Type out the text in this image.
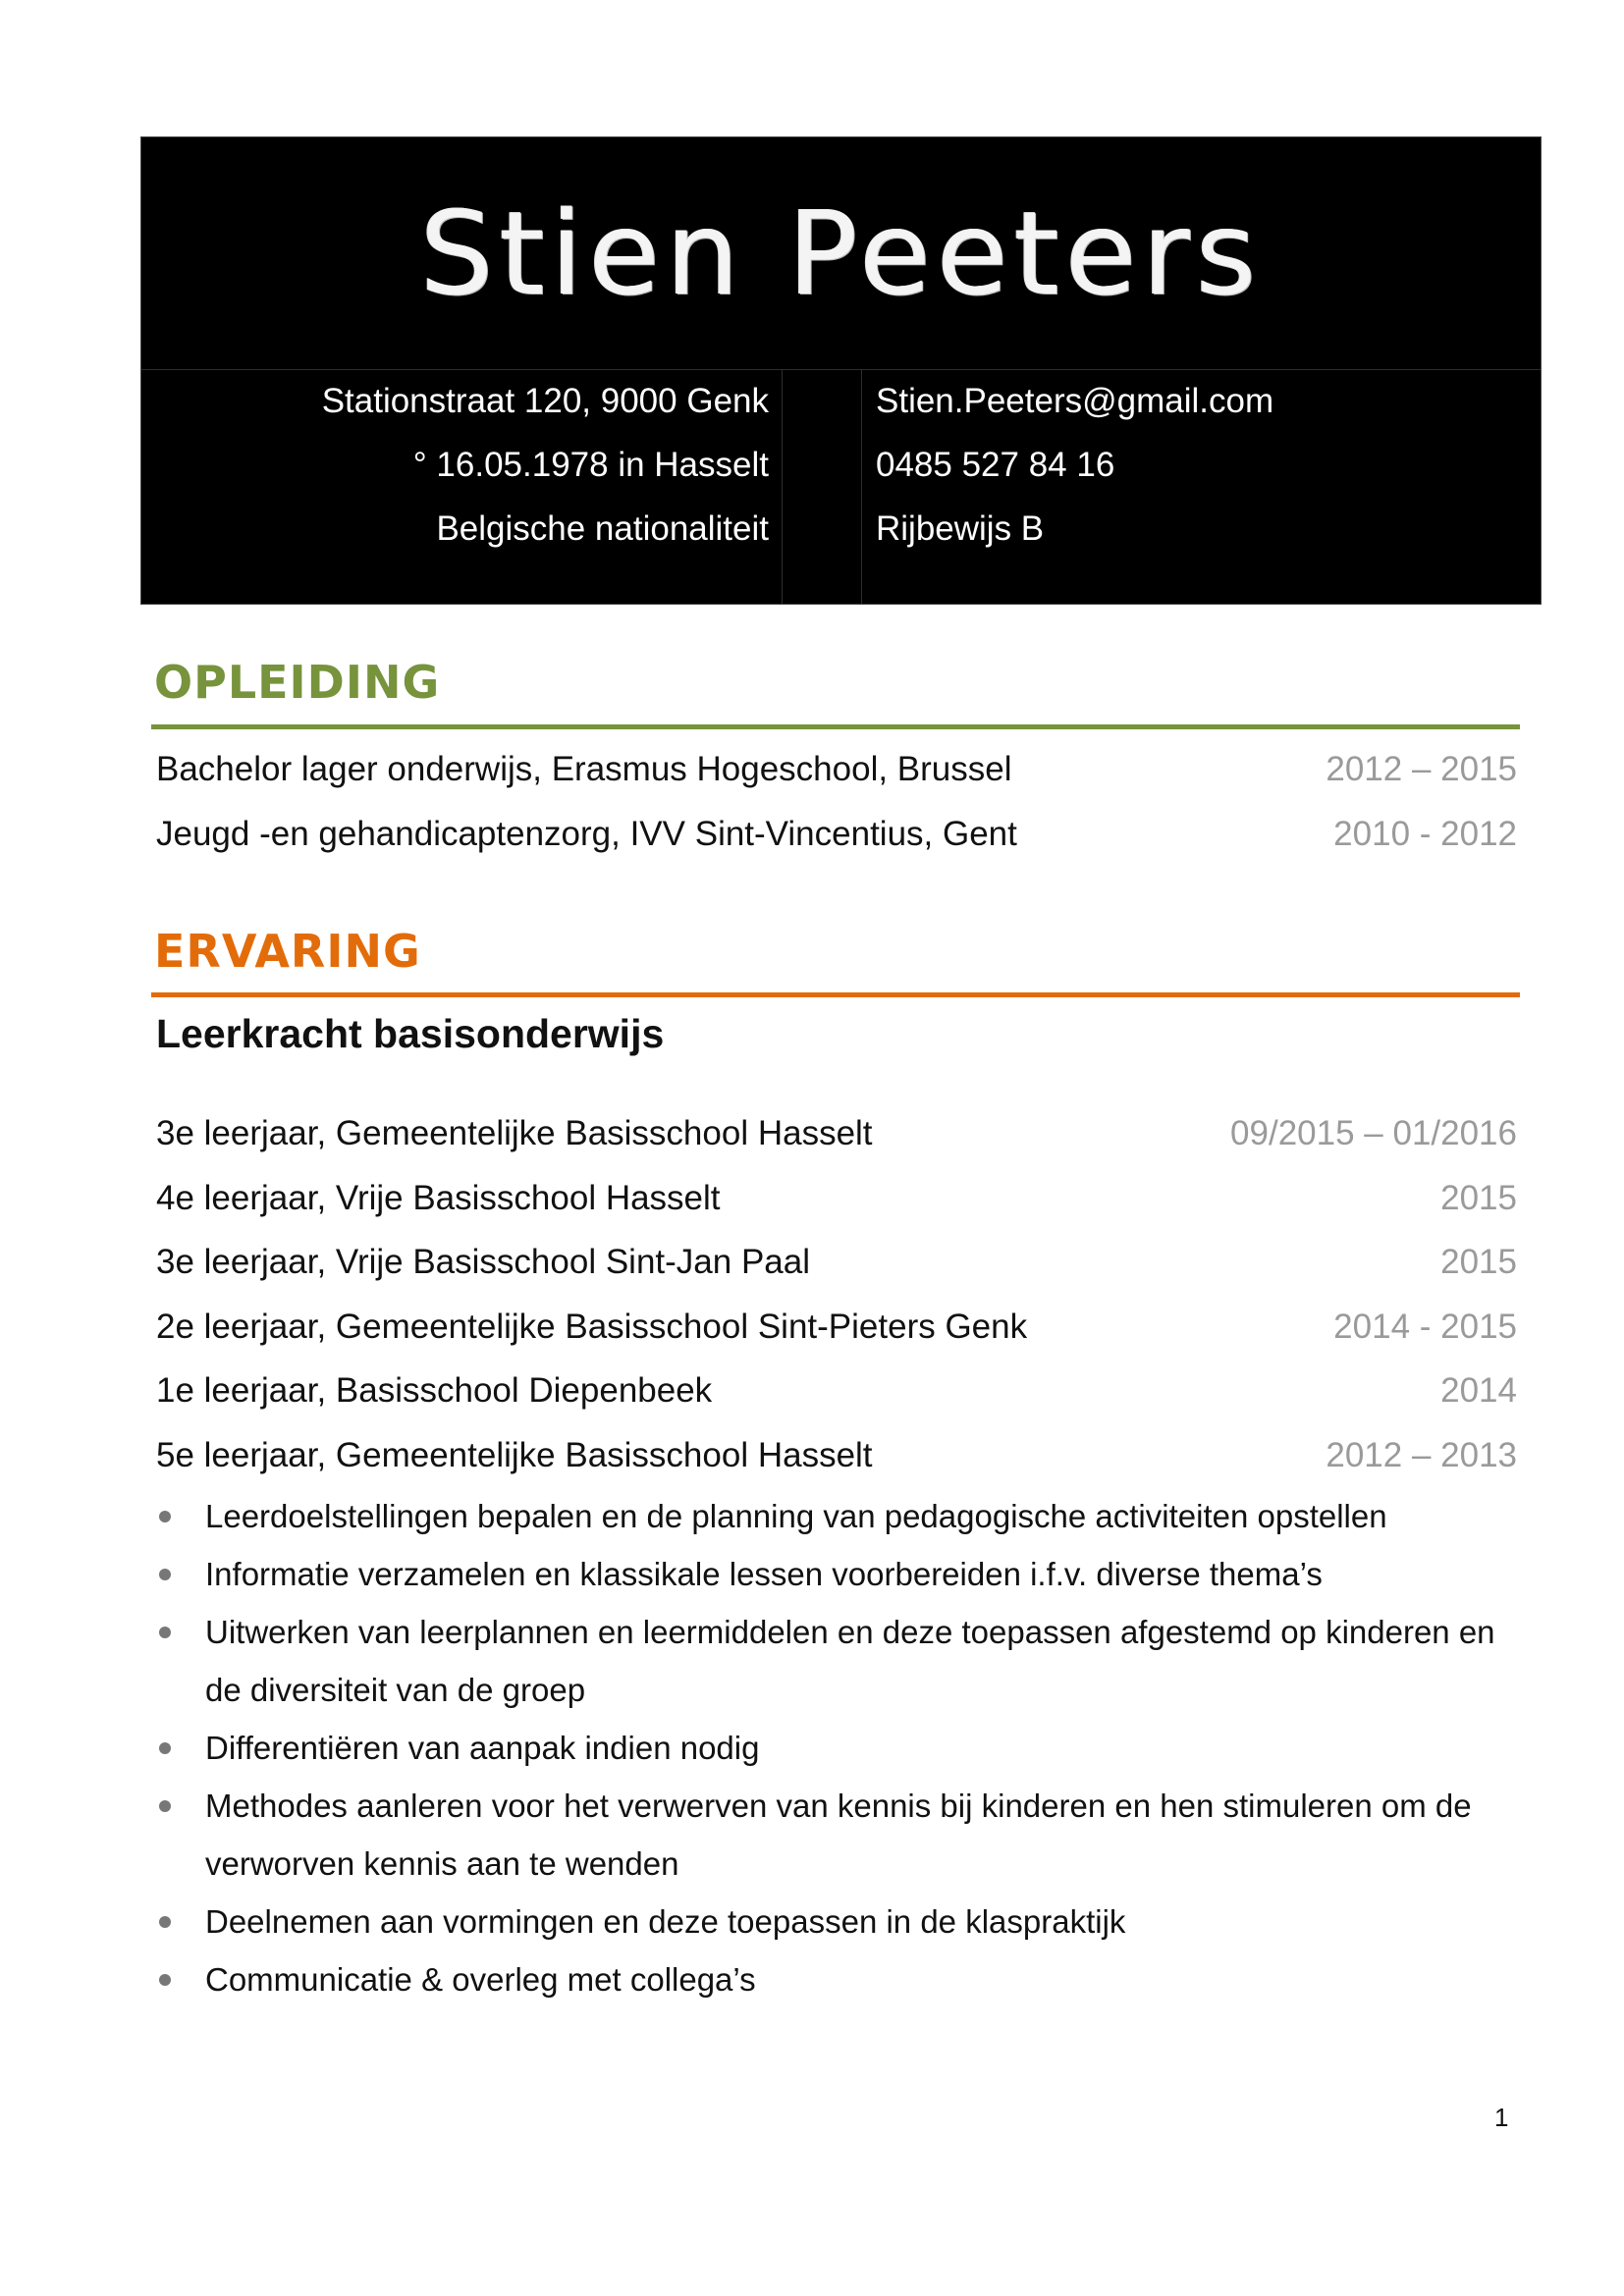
Stien Peeters
Stationstraat 120, 9000 Genk
° 16.05.1978 in Hasselt
Belgische nationaliteit
Stien.Peeters@gmail.com
0485 527 84 16
Rijbewijs B
OPLEIDING
Bachelor lager onderwijs, Erasmus Hogeschool, Brussel	2012 – 2015
Jeugd -en gehandicaptenzorg, IVV Sint-Vincentius, Gent	2010 - 2012
ERVARING
Leerkracht basisonderwijs
3e leerjaar, Gemeentelijke Basisschool Hasselt	09/2015 – 01/2016
4e leerjaar, Vrije Basisschool Hasselt	2015
3e leerjaar, Vrije Basisschool Sint-Jan Paal	2015
2e leerjaar, Gemeentelijke Basisschool Sint-Pieters Genk	2014 - 2015
1e leerjaar, Basisschool Diepenbeek	2014
5e leerjaar, Gemeentelijke Basisschool Hasselt	2012 – 2013
Leerdoelstellingen bepalen en de planning van pedagogische activiteiten opstellen
Informatie verzamelen en klassikale lessen voorbereiden i.f.v. diverse thema’s
Uitwerken van leerplannen en leermiddelen en deze toepassen afgestemd op kinderen en de diversiteit van de groep
Differentiëren van aanpak indien nodig
Methodes aanleren voor het verwerven van kennis bij kinderen en hen stimuleren om de verworven kennis aan te wenden
Deelnemen aan vormingen en deze toepassen in de klaspraktijk
Communicatie & overleg met collega’s
1
